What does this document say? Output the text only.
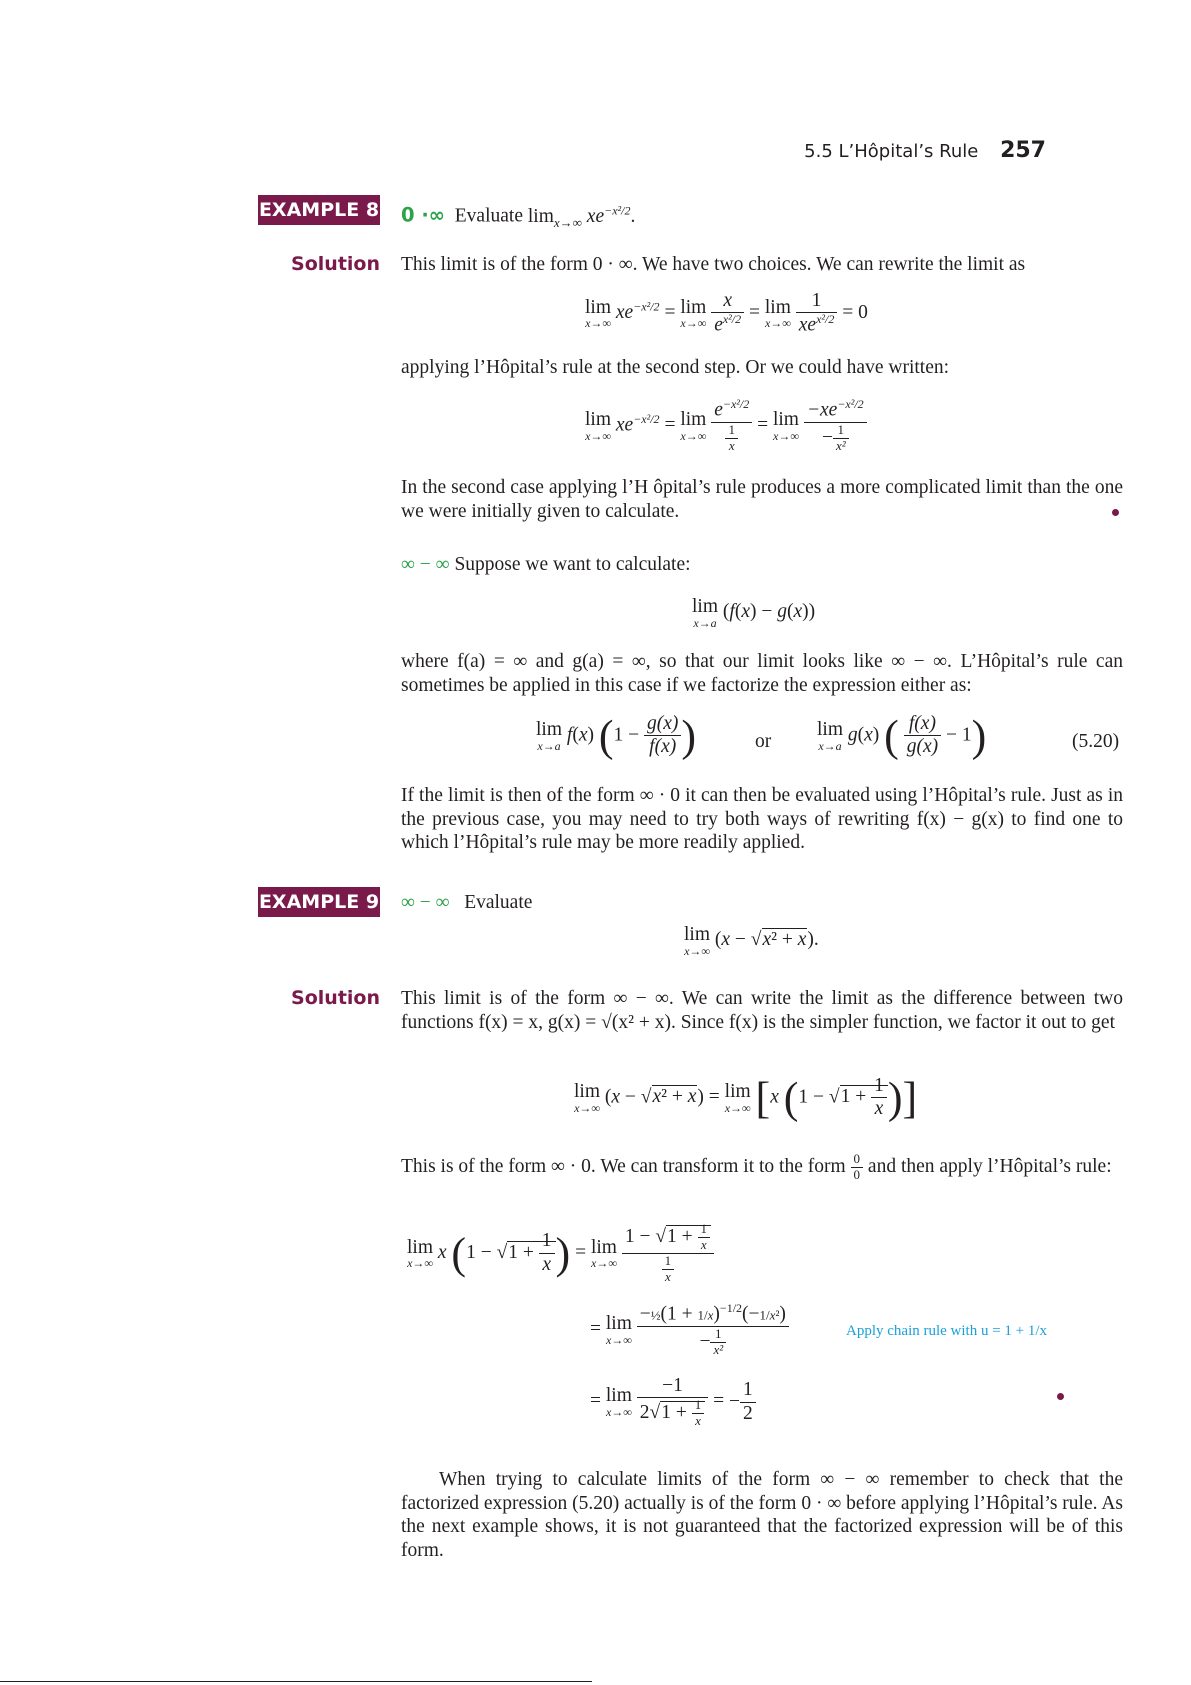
5.5 L’Hôpital’s Rule 257
EXAMPLE 8 0 ·∞ Evaluate $\lim_{x\to\infty} xe^{-x^2/2}$.
Solution This limit is of the form 0 · ∞. We have two choices. We can rewrite the limit as
lim
x→∞
$xe^{-x^2/2} = \lim$
x→∞
$\frac{x}{e^{x^2/2}} = \lim$
x→∞
$\frac{1}{xe^{x^2/2}} = 0$
applying l’Hôpital’s rule at the second step. Or we could have written:
lim
x→∞
$xe^{-x^2/2} = \lim$
x→∞
$\frac{e^{-x^2/2}}{\frac{1}{x}} = \lim$
x→∞
$\frac{-xe^{-x^2/2}}{- \frac{1}{\text{x²}}}$
In the second case applying l’H ôpital’s rule produces a more complicated limit than the one we were initially given to calculate.
∞ − ∞ Suppose we want to calculate:
lim
x→a
(f(x) − g(x))
where f(a) = ∞ and g(a) = ∞, so that our limit looks like ∞ − ∞. L’Hôpital’s rule can sometimes be applied in this case if we factorize the expression either as:
lim
x→a
f(x) ($1 - \frac{g(x)}{f(x)}$ )	or
lim
x→a
g(x) ( $\frac{f(x)}{g(x)} - 1$)	(5.20)
If the limit is then of the form ∞ · 0 it can then be evaluated using l’Hôpital’s rule. Just as in the previous case, you may need to try both ways of rewriting f(x) − g(x) to find one to which l’Hôpital’s rule may be more readily applied.
EXAMPLE 9 ∞ − ∞ Evaluate
lim
x→∞
(x − √x² + x).
Solution This limit is of the form ∞ − ∞. We can write the limit as the difference between two functions f(x) = x, g(x) = √(x² + x). Since f(x) is the simpler function, we factor it out to get
lim
x→∞
(x − √x² + x) = lim
x→∞ [x ($1 - √1 + \frac{1}{x}$ )]
This is of the form ∞ · 0. We can transform it to the form $\frac{0}{0}$ and then apply l’Hôpital’s rule:
lim
x→∞
x ($1 - √1 + \frac{1}{x}$ ) = lim
x→∞
$\frac{1 - √1 + \frac{1}{x}}{\frac{1}{x}}$
= lim
x→∞
$\frac{-\frac{1}{2}(1 + 1/x)^{-1/2}(-1/x^2)}{- \frac{1}{\text{x²}}}$	Apply chain rule with u = 1 + 1/x
= lim
x→∞
$\frac{-1}{2√1 + \frac{1}{x}}$ = − $\frac{1}{2}$
When trying to calculate limits of the form ∞ − ∞ remember to check that the factorized expression (5.20) actually is of the form 0 · ∞ before applying l’Hôpital’s rule. As the next example shows, it is not guaranteed that the factorized expression will be of this form.
